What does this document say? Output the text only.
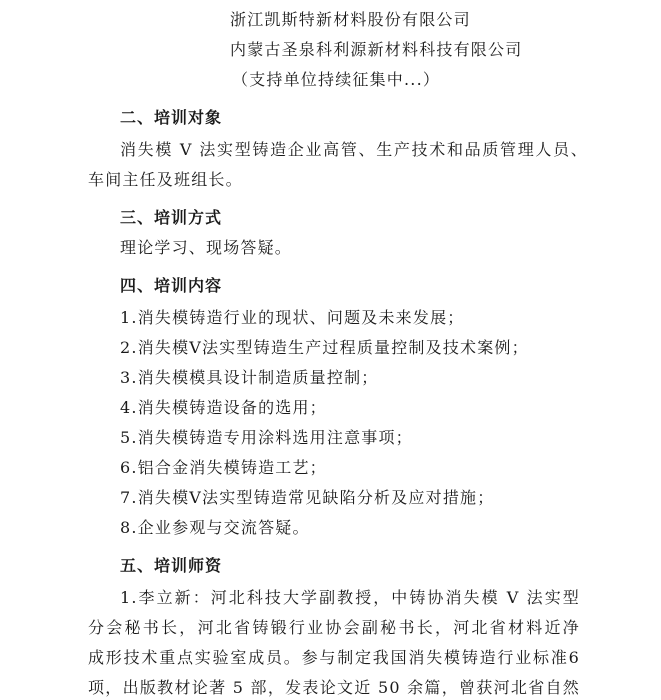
浙江凯斯特新材料股份有限公司
内蒙古圣泉科利源新材料科技有限公司
（支持单位持续征集中...）
二、培训对象
消失模 V 法实型铸造企业高管、生产技术和品质管理人员、
车间主任及班组长。
三、培训方式
理论学习、现场答疑。
四、培训内容
1.消失模铸造行业的现状、问题及未来发展；
2.消失模V法实型铸造生产过程质量控制及技术案例；
3.消失模模具设计制造质量控制；
4.消失模铸造设备的选用；
5.消失模铸造专用涂料选用注意事项；
6.铝合金消失模铸造工艺；
7.消失模V法实型铸造常见缺陷分析及应对措施；
8.企业参观与交流答疑。
五、培训师资
1.李立新：河北科技大学副教授，中铸协消失模 V 法实型
分会秘书长，河北省铸锻行业协会副秘书长，河北省材料近净
成形技术重点实验室成员。参与制定我国消失模铸造行业标准6
项，出版教材论著 5 部，发表论文近 50 余篇，曾获河北省自然
